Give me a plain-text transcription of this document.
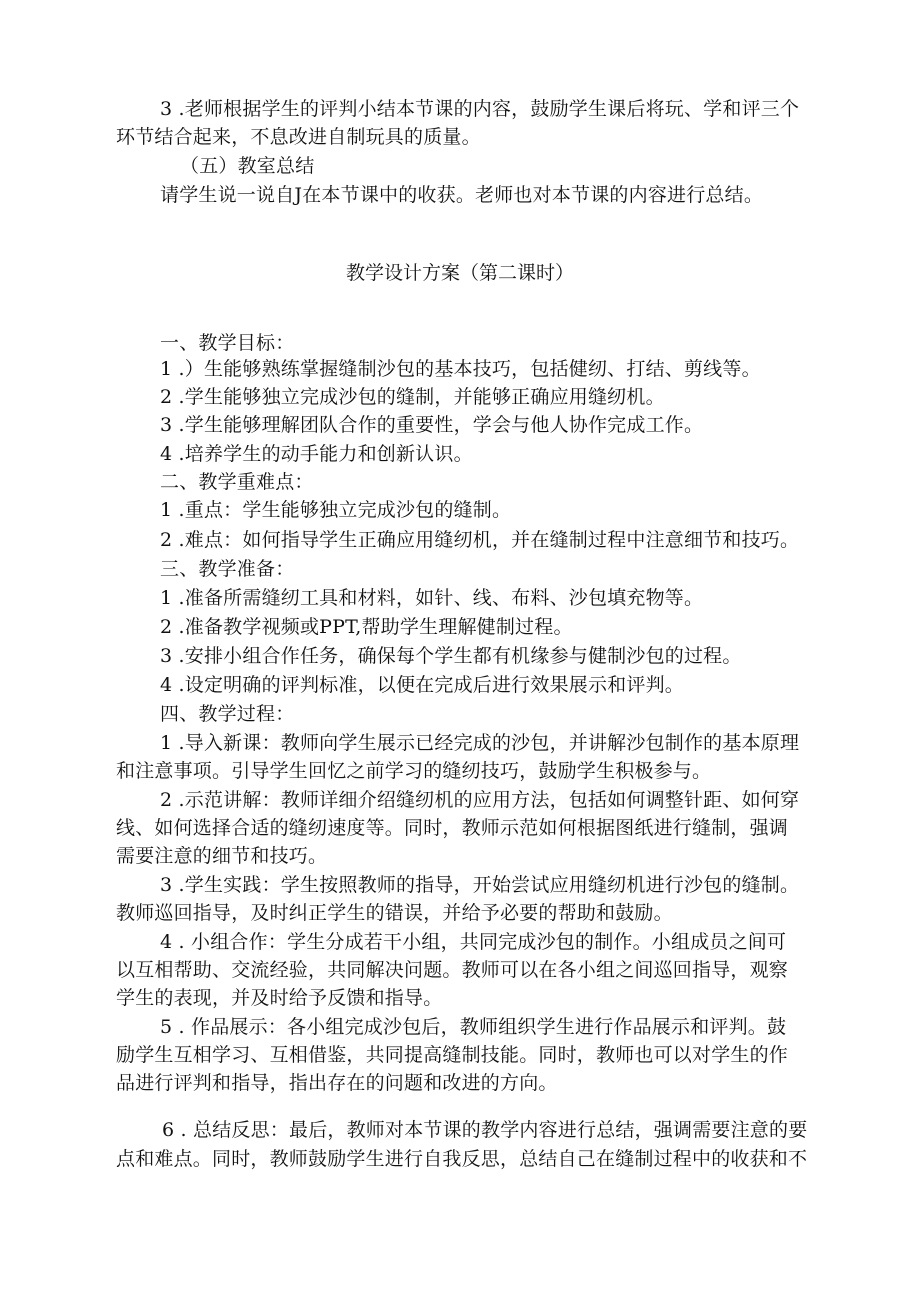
3 .老师根据学生的评判小结本节课的内容，鼓励学生课后将玩、学和评三个
环节结合起来，不息改进自制玩具的质量。
（五）教室总结
请学生说一说自J在本节课中的收获。老师也对本节课的内容进行总结。
教学设计方案（第二课时）
一、教学目标：
1 .）生能够熟练掌握缝制沙包的基本技巧，包括健纫、打结、剪线等。
2 .学生能够独立完成沙包的缝制，并能够正确应用缝纫机。
3 .学生能够理解团队合作的重要性，学会与他人协作完成工作。
4 .培养学生的动手能力和创新认识。
二、教学重难点：
1 .重点：学生能够独立完成沙包的缝制。
2 .难点：如何指导学生正确应用缝纫机，并在缝制过程中注意细节和技巧。
三、教学准备：
1 .准备所需缝纫工具和材料，如针、线、布料、沙包填充物等。
2 .准备教学视频或PPT,帮助学生理解健制过程。
3 .安排小组合作任务，确保每个学生都有机缘参与健制沙包的过程。
4 .设定明确的评判标准，以便在完成后进行效果展示和评判。
四、教学过程：
1 .导入新课：教师向学生展示已经完成的沙包，并讲解沙包制作的基本原理
和注意事项。引导学生回忆之前学习的缝纫技巧，鼓励学生积极参与。
2 .示范讲解：教师详细介绍缝纫机的应用方法，包括如何调整针距、如何穿
线、如何选择合适的缝纫速度等。同时，教师示范如何根据图纸进行缝制，强调
需要注意的细节和技巧。
3 .学生实践：学生按照教师的指导，开始尝试应用缝纫机进行沙包的缝制。
教师巡回指导，及时纠正学生的错误，并给予必要的帮助和鼓励。
4 . 小组合作：学生分成若干小组，共同完成沙包的制作。小组成员之间可
以互相帮助、交流经验，共同解决问题。教师可以在各小组之间巡回指导，观察
学生的表现，并及时给予反馈和指导。
5 . 作品展示：各小组完成沙包后，教师组织学生进行作品展示和评判。鼓
励学生互相学习、互相借鉴，共同提高缝制技能。同时，教师也可以对学生的作
品进行评判和指导，指出存在的问题和改进的方向。
6 . 总结反思：最后，教师对本节课的教学内容进行总结，强调需要注意的要
点和难点。同时，教师鼓励学生进行自我反思，总结自己在缝制过程中的收获和不
